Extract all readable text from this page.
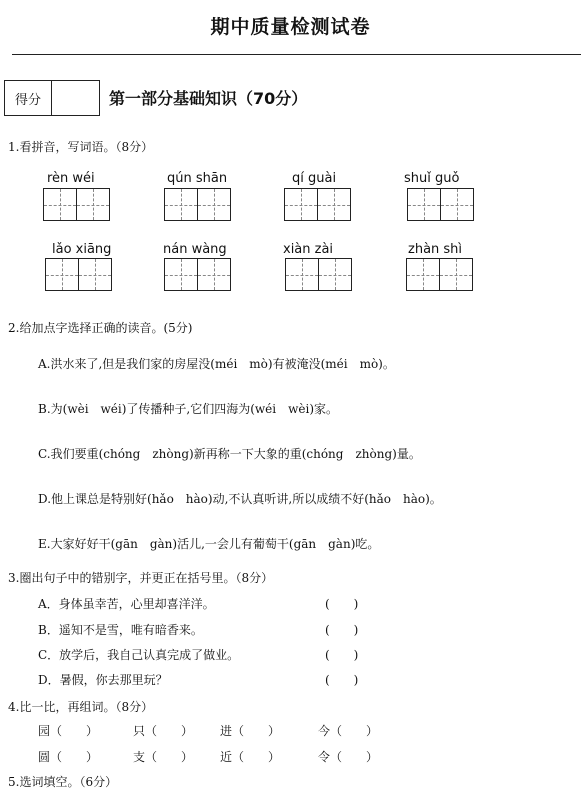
期中质量检测试卷
得分	第一部分基础知识（70分）
1.看拼音，写词语。（8分）
rèn wéi	qún shān	qí guài	shuǐ guǒ
lǎo xiāng	nán wàng	xiàn zài	zhàn shì
2.给加点字选择正确的读音。(5分)
A.洪水来了,但是我们家的房屋没(méi　mò)有被淹没(méi　mò)。
B.为(wèi　wéi)了传播种子,它们四海为(wéi　wèi)家。
C.我们要重(chóng　zhòng)新再称一下大象的重(chóng　zhòng)量。
D.他上课总是特别好(hǎo　hào)动,不认真听讲,所以成绩不好(hǎo　hào)。
E.大家好好干(gān　gàn)活儿,一会儿有葡萄干(gān　gàn)吃。
3.圈出句子中的错别字，并更正在括号里。（8分）
A．身体虽幸苦，心里却喜洋洋。	(　　)
B．遥知不是雪，唯有暗香来。	(　　)
C．放学后，我自己认真完成了做业。	(　　)
D．暑假，你去那里玩？	(　　)
4.比一比，再组词。（8分）
园（　　）	只（　　） 进（　　）	今（　　）
圆（　　）	支（　　） 近（　　）	令（　　）
5.选词填空。（6分）
